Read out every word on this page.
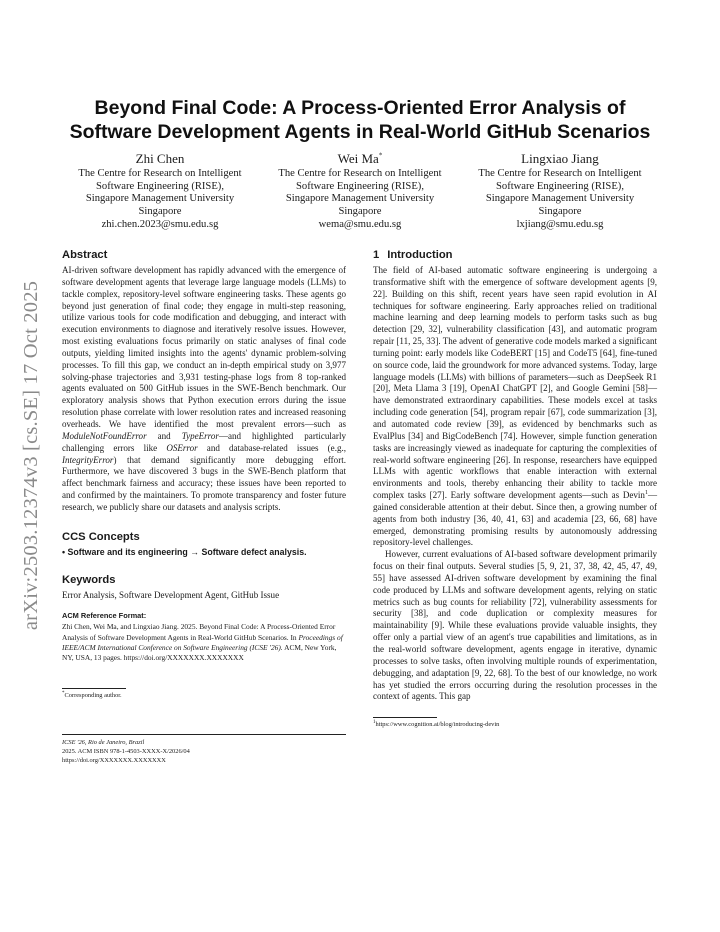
arXiv:2503.12374v3 [cs.SE] 17 Oct 2025
Beyond Final Code: A Process-Oriented Error Analysis of
Software Development Agents in Real-World GitHub Scenarios
Zhi Chen
The Centre for Research on Intelligent
Software Engineering (RISE),
Singapore Management University
Singapore
zhi.chen.2023@smu.edu.sg
Wei Ma*
The Centre for Research on Intelligent
Software Engineering (RISE),
Singapore Management University
Singapore
wema@smu.edu.sg
Lingxiao Jiang
The Centre for Research on Intelligent
Software Engineering (RISE),
Singapore Management University
Singapore
lxjiang@smu.edu.sg
Abstract

AI-driven software development has rapidly advanced with the emergence of software development agents that leverage large language models (LLMs) to tackle complex, repository-level software engineering tasks. These agents go beyond just generation of final code; they engage in multi-step reasoning, utilize various tools for code modification and debugging, and interact with execution environments to diagnose and iteratively resolve issues. However, most existing evaluations focus primarily on static analyses of final code outputs, yielding limited insights into the agents' dynamic problem-solving processes. To fill this gap, we conduct an in-depth empirical study on 3,977 solving-phase trajectories and 3,931 testing-phase logs from 8 top-ranked agents evaluated on 500 GitHub issues in the SWE-Bench benchmark. Our exploratory analysis shows that Python execution errors during the issue resolution phase correlate with lower resolution rates and increased reasoning overheads. We have identified the most prevalent errors—such as ModuleNotFoundError and TypeError—and highlighted particularly challenging errors like OSError and database-related issues (e.g., IntegrityError) that demand significantly more debugging effort. Furthermore, we have discovered 3 bugs in the SWE-Bench platform that affect benchmark fairness and accuracy; these issues have been reported to and confirmed by the maintainers. To promote transparency and foster future research, we publicly share our datasets and analysis scripts.

CCS Concepts

• Software and its engineering → Software defect analysis.

Keywords

Error Analysis, Software Development Agent, GitHub Issue

ACM Reference Format:

Zhi Chen, Wei Ma, and Lingxiao Jiang. 2025. Beyond Final Code: A Process-Oriented Error Analysis of Software Development Agents in Real-World GitHub Scenarios. In Proceedings of IEEE/ACM International Conference on Software Engineering (ICSE '26). ACM, New York, NY, USA, 13 pages. https://doi.org/XXXXXXX.XXXXXXX

*Corresponding author.

ICSE '26, Rio de Janeiro, Brazil

2025. ACM ISBN 978-1-4503-XXXX-X/2026/04

https://doi.org/XXXXXXX.XXXXXXX

1 Introduction

The field of AI-based automatic software engineering is undergoing a transformative shift with the emergence of software development agents [9, 22]. Building on this shift, recent years have seen rapid evolution in AI techniques for software engineering. Early approaches relied on traditional machine learning and deep learning models to perform tasks such as bug detection [29, 32], vulnerability classification [43], and automatic program repair [11, 25, 33]. The advent of generative code models marked a significant turning point: early models like CodeBERT [15] and CodeT5 [64], fine-tuned on source code, laid the groundwork for more advanced systems. Today, large language models (LLMs) with billions of parameters—such as DeepSeek R1 [20], Meta Llama 3 [19], OpenAI ChatGPT [2], and Google Gemini [58]—have demonstrated extraordinary capabilities. These models excel at tasks including code generation [54], program repair [67], code summarization [3], and automated code review [39], as evidenced by benchmarks such as EvalPlus [34] and BigCodeBench [74]. However, simple function generation tasks are increasingly viewed as inadequate for capturing the complexities of real-world software engineering [26]. In response, researchers have equipped LLMs with agentic workflows that enable interaction with external environments and tools, thereby enhancing their ability to tackle more complex tasks [27]. Early software development agents—such as Devin$^1$—gained considerable attention at their debut. Since then, a growing number of agents from both industry [36, 40, 41, 63] and academia [23, 66, 68] have emerged, demonstrating promising results by autonomously addressing repository-level challenges.

However, current evaluations of AI-based software development primarily focus on their final outputs. Several studies [5, 9, 21, 37, 38, 42, 45, 47, 49, 55] have assessed AI-driven software development by examining the final code produced by LLMs and software development agents, relying on static metrics such as bug counts for reliability [72], vulnerability assessments for security [38], and code duplication or complexity measures for maintainability [9]. While these evaluations provide valuable insights, they offer only a partial view of an agent's true capabilities and limitations, as in the real-world software development, agents engage in iterative, dynamic processes to solve tasks, often involving multiple rounds of experimentation, debugging, and adaptation [9, 22, 68]. To the best of our knowledge, no work has yet studied the errors occurring during the resolution processes in the context of agents. This gap

$^1$https://www.cognition.ai/blog/introducing-devin
